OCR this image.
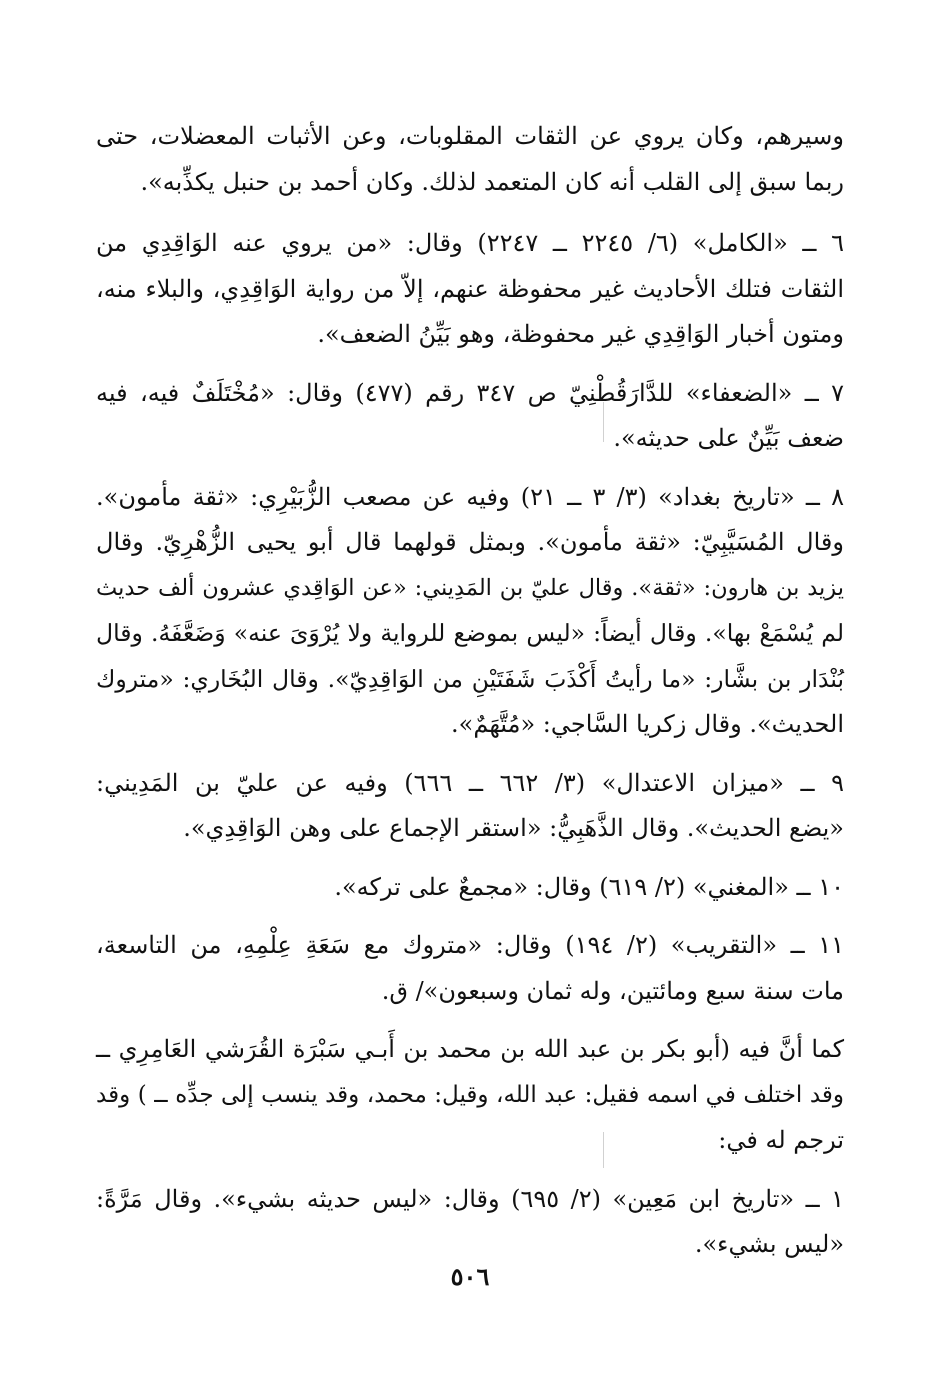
وسيرهم، وكان يروي عن الثقات المقلوبات، وعن الأثبات المعضلات، حتى
ربما سبق إلى القلب أنه كان المتعمد لذلك. وكان أحمد بن حنبل يكذِّبه».

٦ ــ «الكامل» (٦/ ٢٢٤٥ ــ ٢٢٤٧) وقال: «من يروي عنه الوَاقِدِي من
الثقات فتلك الأحاديث غير محفوظة عنهم، إلاّ من رواية الوَاقِدِي، والبلاء منه،
ومتون أخبار الوَاقِدِي غير محفوظة، وهو بَيِّنُ الضعف».

٧ ــ «الضعفاء» للدَّارَقُطْنِيّ ص ٣٤٧ رقم (٤٧٧) وقال: «مُخْتَلَفٌ فيه، فيه
ضعف بَيِّنٌ على حديثه».

٨ ــ «تاريخ بغداد» (٣/ ٣ ــ ٢١) وفيه عن مصعب الزُّبَيْرِي: «ثقة مأمون».
وقال المُسَيَّبِيّ: «ثقة مأمون». وبمثل قولهما قال أبو يحيى الزُّهْرِيّ. وقال
يزيد بن هارون: «ثقة». وقال عليّ بن المَدِيني: «عن الوَاقِدي عشرون ألف حديث
لم يُسْمَعْ بها». وقال أيضاً: «ليس بموضع للرواية ولا يُرْوَىَ عنه» وَضَعَّفَهُ. وقال
بُنْدَار بن بشَّار: «ما رأيتُ أَكْذَبَ شَفَتَيْنِ من الوَاقِدِيّ». وقال البُخَاري: «متروك
الحديث». وقال زكريا السَّاجي: «مُتَّهَمٌ».

٩ ــ «ميزان الاعتدال» (٣/ ٦٦٢ ــ ٦٦٦) وفيه عن عليّ بن المَدِيني:
«يضع الحديث». وقال الذَّهَبِيُّ: «استقر الإجماع على وهن الوَاقِدِي».

١٠ ــ «المغني» (٢/ ٦١٩) وقال: «مجمعٌ على تركه».

١١ ــ «التقريب» (٢/ ١٩٤) وقال: «متروك مع سَعَةِ عِلْمِهِ، من التاسعة،
مات سنة سبع ومائتين، وله ثمان وسبعون»/ ق.

كما أنَّ فيه (أبو بكر بن عبد الله بن محمد بن أَبـي سَبْرَة القُرَشي العَامِرِي ــ
وقد اختلف في اسمه فقيل: عبد الله، وقيل: محمد، وقد ينسب إلى جدِّه ــ ) وقد
ترجم له في:

١ ــ «تاريخ ابن مَعِين» (٢/ ٦٩٥) وقال: «ليس حديثه بشيء». وقال مَرَّةً:
«ليس بشيء».

٥٠٦
